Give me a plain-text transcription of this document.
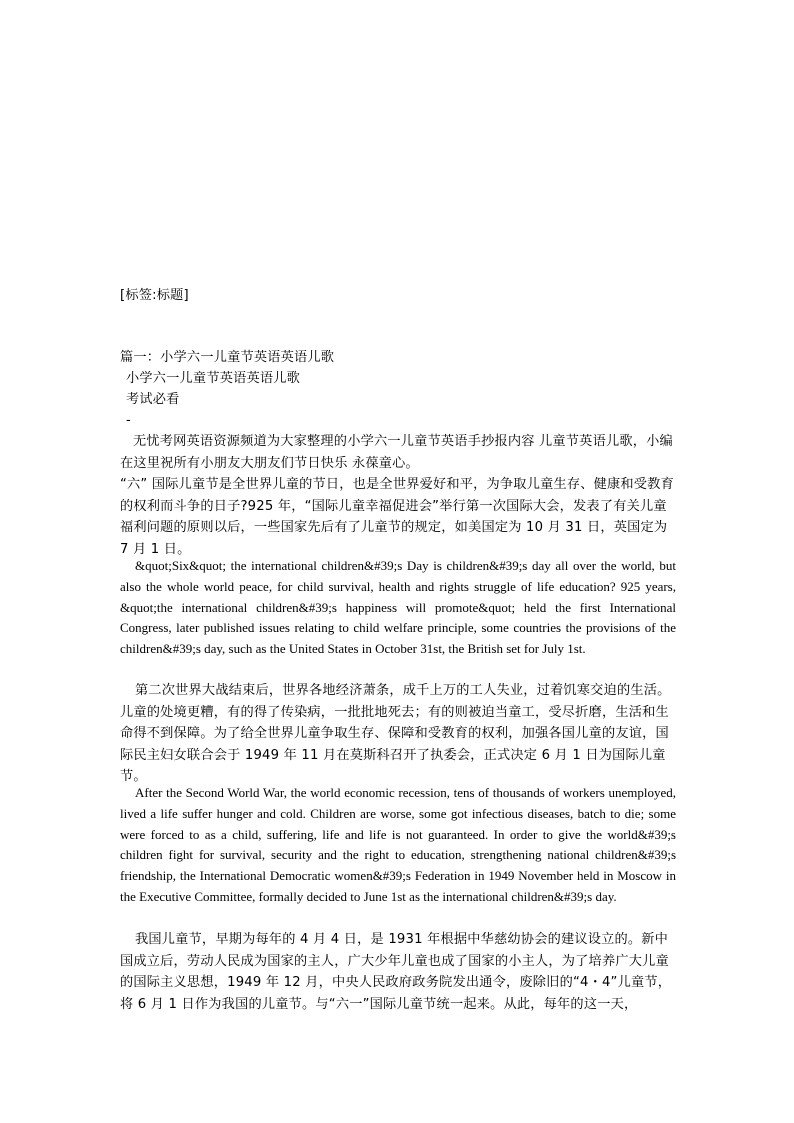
[标签:标题]
篇一：小学六一儿童节英语英语儿歌
小学六一儿童节英语英语儿歌
考试必看
-

无忧考网英语资源频道为大家整理的小学六一儿童节英语手抄报内容 儿童节英语儿歌，小编在这里祝所有小朋友大朋友们节日快乐 永葆童心。

“六” 国际儿童节是全世界儿童的节日，也是全世界爱好和平，为争取儿童生存、健康和受教育的权利而斗争的日子?925 年，“国际儿童幸福促进会”举行第一次国际大会，发表了有关儿童福利问题的原则以后，一些国家先后有了儿童节的规定，如美国定为 10 月 31 日，英国定为 7 月 1 日。

&quot;Six&quot; the international children&#39;s Day is children&#39;s day all over the world, but also the whole world peace, for child survival, health and rights struggle of life education? 925 years, &quot;the international children&#39;s happiness will promote&quot; held the first International Congress, later published issues relating to child welfare principle, some countries the provisions of the children&#39;s day, such as the United States in October 31st, the British set for July 1st.

第二次世界大战结束后，世界各地经济萧条，成千上万的工人失业，过着饥寒交迫的生活。儿童的处境更糟，有的得了传染病，一批批地死去；有的则被迫当童工，受尽折磨，生活和生命得不到保障。为了给全世界儿童争取生存、保障和受教育的权利，加强各国儿童的友谊，国际民主妇女联合会于 1949 年 11 月在莫斯科召开了执委会，正式决定 6 月 1 日为国际儿童节。

After the Second World War, the world economic recession, tens of thousands of workers unemployed, lived a life suffer hunger and cold. Children are worse, some got infectious diseases, batch to die; some were forced to as a child, suffering, life and life is not guaranteed. In order to give the world&#39;s children fight for survival, security and the right to education, strengthening national children&#39;s friendship, the International Democratic women&#39;s Federation in 1949 November held in Moscow in the Executive Committee, formally decided to June 1st as the international children&#39;s day.

我国儿童节，早期为每年的 4 月 4 日，是 1931 年根据中华慈幼协会的建议设立的。新中国成立后，劳动人民成为国家的主人，广大少年儿童也成了国家的小主人，为了培养广大儿童的国际主义思想，1949 年 12 月，中央人民政府政务院发出通令，废除旧的“4・4”儿童节，将 6 月 1 日作为我国的儿童节。与“六一”国际儿童节统一起来。从此，每年的这一天，
